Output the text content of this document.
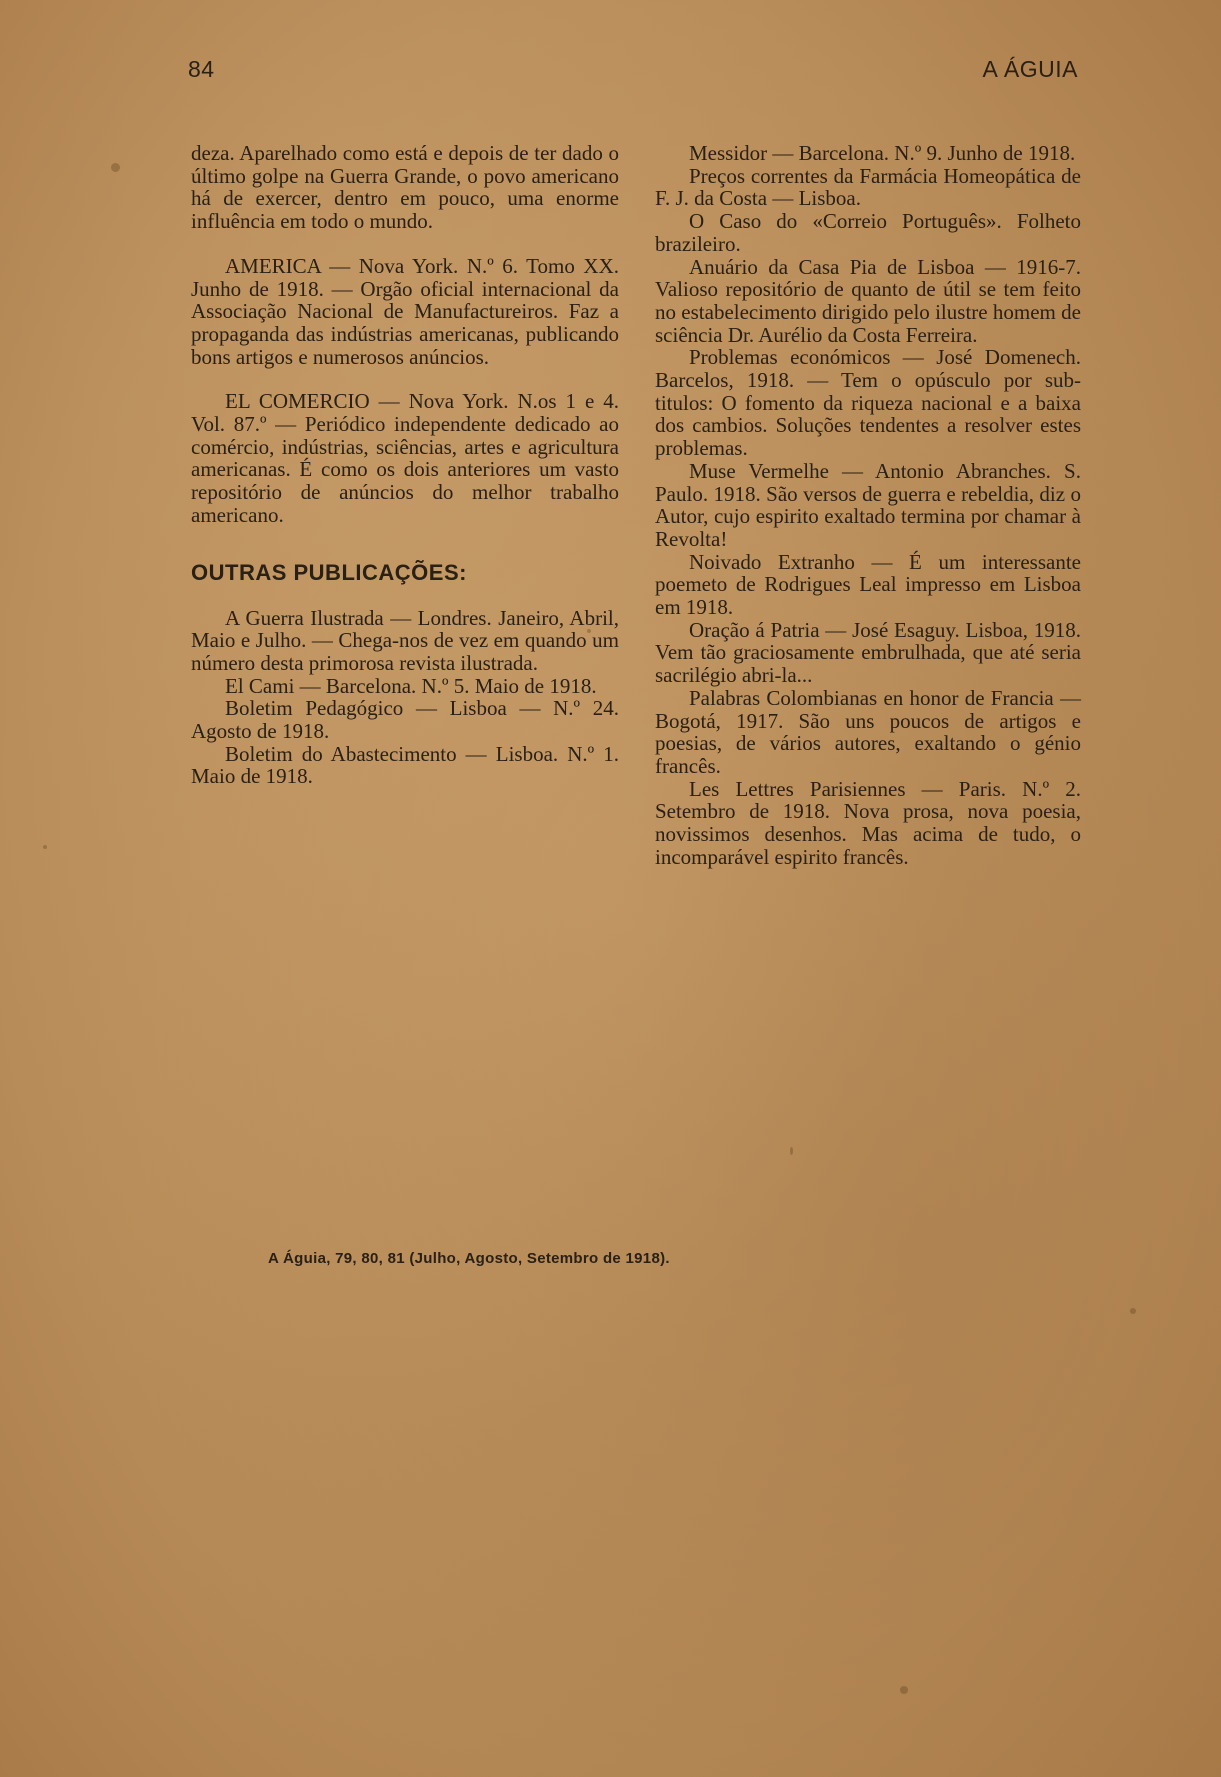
84	A ÁGUIA

deza. Aparelhado como está e depois de ter dado o último golpe na Guerra Grande, o povo americano há de exercer, dentro em pouco, uma enorme influência em todo o mundo.

AMERICA — Nova York. N.º 6. Tomo XX. Junho de 1918. — Orgão oficial internacional da Associação Nacional de Manufactureiros. Faz a propaganda das indústrias americanas, publicando bons artigos e numerosos anúncios.

EL COMERCIO — Nova York. N.os 1 e 4. Vol. 87.º — Periódico independente dedicado ao comércio, indústrias, sciências, artes e agricultura americanas. É como os dois anteriores um vasto repositório de anúncios do melhor trabalho americano.

OUTRAS PUBLICAÇÕES:

A Guerra Ilustrada — Londres. Janeiro, Abril, Maio e Julho. — Chega-nos de vez em quando um número desta primorosa revista ilustrada.

El Cami — Barcelona. N.º 5. Maio de 1918.

Boletim Pedagógico — Lisboa — N.º 24. Agosto de 1918.

Boletim do Abastecimento — Lisboa. N.º 1. Maio de 1918.

Messidor — Barcelona. N.º 9. Junho de 1918.

Preços correntes da Farmácia Homeopática de F. J. da Costa — Lisboa.

O Caso do «Correio Português». Folheto brazileiro.

Anuário da Casa Pia de Lisboa — 1916-7. Valioso repositório de quanto de útil se tem feito no estabelecimento dirigido pelo ilustre homem de sciência Dr. Aurélio da Costa Ferreira.

Problemas económicos — José Domenech. Barcelos, 1918. — Tem o opúsculo por sub-titulos: O fomento da riqueza nacional e a baixa dos cambios. Soluções tendentes a resolver estes problemas.

Muse Vermelhe — Antonio Abranches. S. Paulo. 1918. São versos de guerra e rebeldia, diz o Autor, cujo espirito exaltado termina por chamar à Revolta!

Noivado Extranho — É um interessante poemeto de Rodrigues Leal impresso em Lisboa em 1918.

Oração á Patria — José Esaguy. Lisboa, 1918. Vem tão graciosamente embrulhada, que até seria sacrilégio abri-la...

Palabras Colombianas en honor de Francia — Bogotá, 1917. São uns poucos de artigos e poesias, de vários autores, exaltando o génio francês.

Les Lettres Parisiennes — Paris. N.º 2. Setembro de 1918. Nova prosa, nova poesia, novissimos desenhos. Mas acima de tudo, o incomparável espirito francês.

A Águia, 79, 80, 81 (Julho, Agosto, Setembro de 1918).
